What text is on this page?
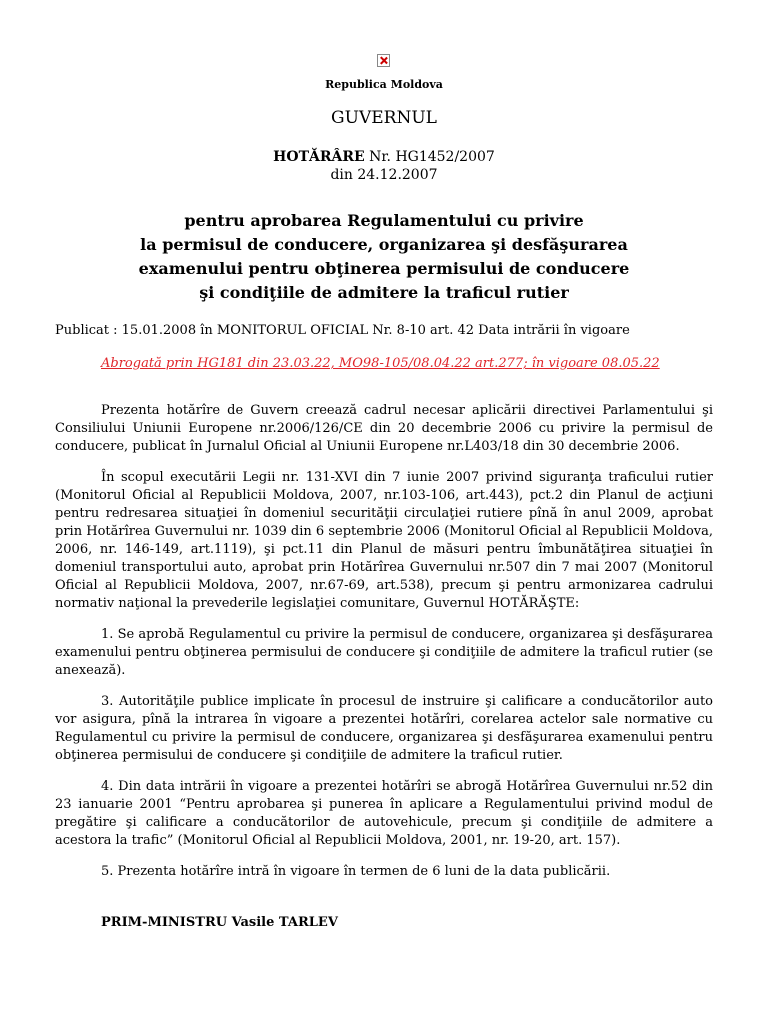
Republica Moldova
GUVERNUL
HOTĂRÂRE Nr. HG1452/2007
din 24.12.2007
pentru aprobarea Regulamentului cu privire
la permisul de conducere, organizarea şi desfăşurarea
examenului pentru obţinerea permisului de conducere
şi condiţiile de admitere la traficul rutier
Publicat : 15.01.2008 în MONITORUL OFICIAL Nr. 8-10 art. 42 Data intrării în vigoare
Abrogată prin HG181 din 23.03.22, MO98-105/08.04.22 art.277; în vigoare 08.05.22

Prezenta hotărîre de Guvern creează cadrul necesar aplicării directivei Parlamentului şi Consiliului Uniunii Europene nr.2006/126/CE din 20 decembrie 2006 cu privire la permisul de conducere, publicat în Jurnalul Oficial al Uniunii Europene nr.L403/18 din 30 decembrie 2006.

În scopul executării Legii nr. 131-XVI din 7 iunie 2007 privind siguranţa traficului rutier (Monitorul Oficial al Republicii Moldova, 2007, nr.103-106, art.443), pct.2 din Planul de acţiuni pentru redresarea situaţiei în domeniul securităţii circulaţiei rutiere pînă în anul 2009, aprobat prin Hotărîrea Guvernului nr. 1039 din 6 septembrie 2006 (Monitorul Oficial al Republicii Moldova, 2006, nr. 146-149, art.1119), şi pct.11 din Planul de măsuri pentru îmbunătăţirea situaţiei în domeniul transportului auto, aprobat prin Hotărîrea Guvernului nr.507 din 7 mai 2007 (Monitorul Oficial al Republicii Moldova, 2007, nr.67-69, art.538), precum şi pentru armonizarea cadrului normativ naţional la prevederile legislaţiei comunitare, Guvernul HOTĂRĂŞTE:

1. Se aprobă Regulamentul cu privire la permisul de conducere, organizarea şi desfăşurarea examenului pentru obţinerea permisului de conducere şi condiţiile de admitere la traficul rutier (se anexează).

3. Autorităţile publice implicate în procesul de instruire şi calificare a conducătorilor auto vor asigura, pînă la intrarea în vigoare a prezentei hotărîri, corelarea actelor sale normative cu Regulamentul cu privire la permisul de conducere, organizarea şi desfăşurarea examenului pentru obţinerea permisului de conducere şi condiţiile de admitere la traficul rutier.

4. Din data intrării în vigoare a prezentei hotărîri se abrogă Hotărîrea Guvernului nr.52 din 23 ianuarie 2001 “Pentru aprobarea şi punerea în aplicare a Regulamentului privind modul de pregătire şi calificare a conducătorilor de autovehicule, precum şi condiţiile de admitere a acestora la trafic” (Monitorul Oficial al Republicii Moldova, 2001, nr. 19-20, art. 157).

5. Prezenta hotărîre intră în vigoare în termen de 6 luni de la data publicării.

PRIM-MINISTRU Vasile TARLEV
